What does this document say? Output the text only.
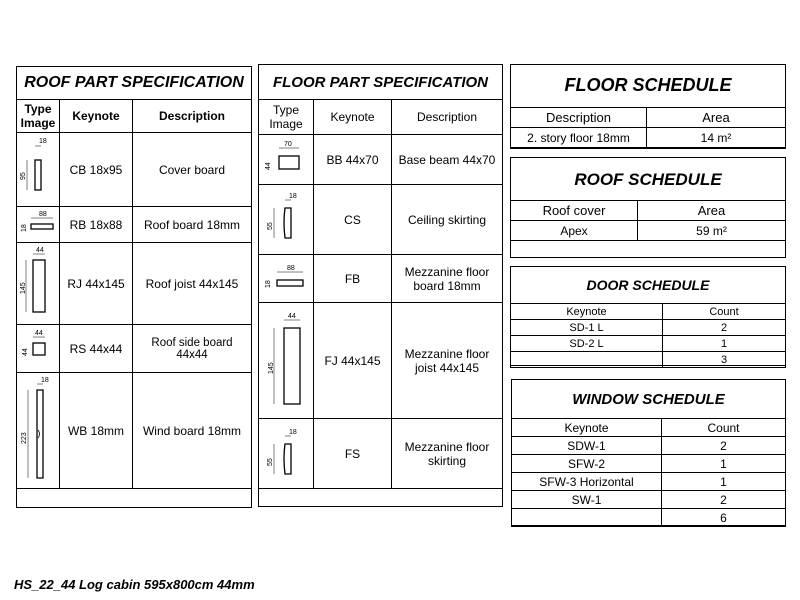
ROOF PART SPECIFICATION
Type Image	Keynote	Description

18
95	CB 18x95	Cover board

88
18	RB 18x88	Roof board 18mm

44
145	RJ 44x145	Roof joist 44x145

44
44	RS 44x44	Roof side board 44x44

18
223	WB 18mm	Wind board 18mm
FLOOR PART SPECIFICATION
Type Image	Keynote	Description

70
44	BB 44x70	Base beam 44x70

18
55	CS	Ceiling skirting

88
18	FB	Mezzanine floor board 18mm

44
145	FJ 44x145	Mezzanine floor joist 44x145

18
55	FS	Mezzanine floor skirting
FLOOR SCHEDULE
Description	Area
2. story floor 18mm	14 m²
ROOF SCHEDULE
Roof cover	Area
Apex	59 m²
DOOR SCHEDULE
Keynote	Count
SD-1 L	2
SD-2 L	1
	3
WINDOW SCHEDULE
Keynote	Count
SDW-1	2
SFW-2	1
SFW-3 Horizontal	1
SW-1	2
	6
HS_22_44 Log cabin 595x800cm 44mm
